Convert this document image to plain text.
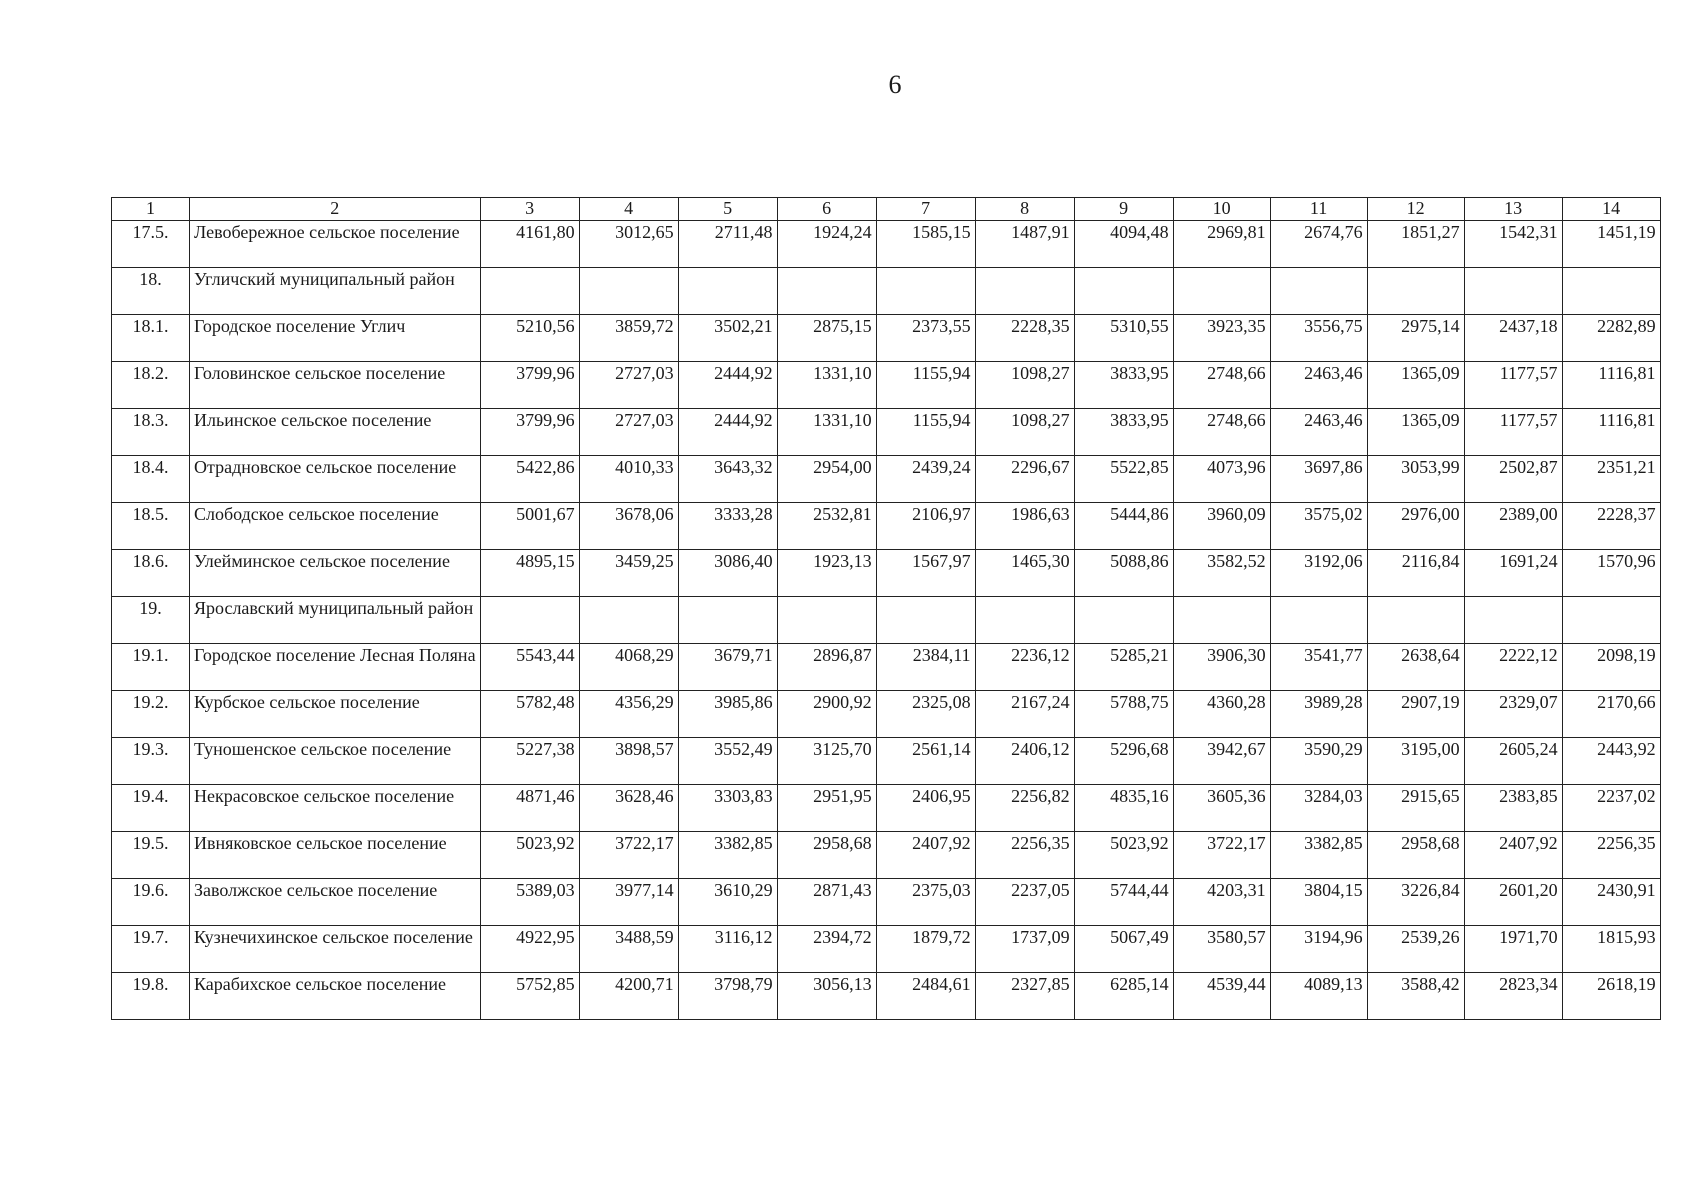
6
1	2	3	4	5	6	7	8	9	10	11	12	13	14
17.5.	Левобережное сельское поселение	4161,80	3012,65	2711,48	1924,24	1585,15	1487,91	4094,48	2969,81	2674,76	1851,27	1542,31	1451,19
18.	Угличский муниципальный район												
18.1.	Городское поселение Углич	5210,56	3859,72	3502,21	2875,15	2373,55	2228,35	5310,55	3923,35	3556,75	2975,14	2437,18	2282,89
18.2.	Головинское сельское поселение	3799,96	2727,03	2444,92	1331,10	1155,94	1098,27	3833,95	2748,66	2463,46	1365,09	1177,57	1116,81
18.3.	Ильинское сельское поселение	3799,96	2727,03	2444,92	1331,10	1155,94	1098,27	3833,95	2748,66	2463,46	1365,09	1177,57	1116,81
18.4.	Отрадновское сельское поселение	5422,86	4010,33	3643,32	2954,00	2439,24	2296,67	5522,85	4073,96	3697,86	3053,99	2502,87	2351,21
18.5.	Слободское сельское поселение	5001,67	3678,06	3333,28	2532,81	2106,97	1986,63	5444,86	3960,09	3575,02	2976,00	2389,00	2228,37
18.6.	Улейминское сельское поселение	4895,15	3459,25	3086,40	1923,13	1567,97	1465,30	5088,86	3582,52	3192,06	2116,84	1691,24	1570,96
19.	Ярославский муниципальный район												
19.1.	Городское поселение Лесная Поляна	5543,44	4068,29	3679,71	2896,87	2384,11	2236,12	5285,21	3906,30	3541,77	2638,64	2222,12	2098,19
19.2.	Курбское сельское поселение	5782,48	4356,29	3985,86	2900,92	2325,08	2167,24	5788,75	4360,28	3989,28	2907,19	2329,07	2170,66
19.3.	Туношенское сельское поселение	5227,38	3898,57	3552,49	3125,70	2561,14	2406,12	5296,68	3942,67	3590,29	3195,00	2605,24	2443,92
19.4.	Некрасовское сельское поселение	4871,46	3628,46	3303,83	2951,95	2406,95	2256,82	4835,16	3605,36	3284,03	2915,65	2383,85	2237,02
19.5.	Ивняковское сельское поселение	5023,92	3722,17	3382,85	2958,68	2407,92	2256,35	5023,92	3722,17	3382,85	2958,68	2407,92	2256,35
19.6.	Заволжское сельское поселение	5389,03	3977,14	3610,29	2871,43	2375,03	2237,05	5744,44	4203,31	3804,15	3226,84	2601,20	2430,91
19.7.	Кузнечихинское сельское поселение	4922,95	3488,59	3116,12	2394,72	1879,72	1737,09	5067,49	3580,57	3194,96	2539,26	1971,70	1815,93
19.8.	Карабихское сельское поселение	5752,85	4200,71	3798,79	3056,13	2484,61	2327,85	6285,14	4539,44	4089,13	3588,42	2823,34	2618,19
